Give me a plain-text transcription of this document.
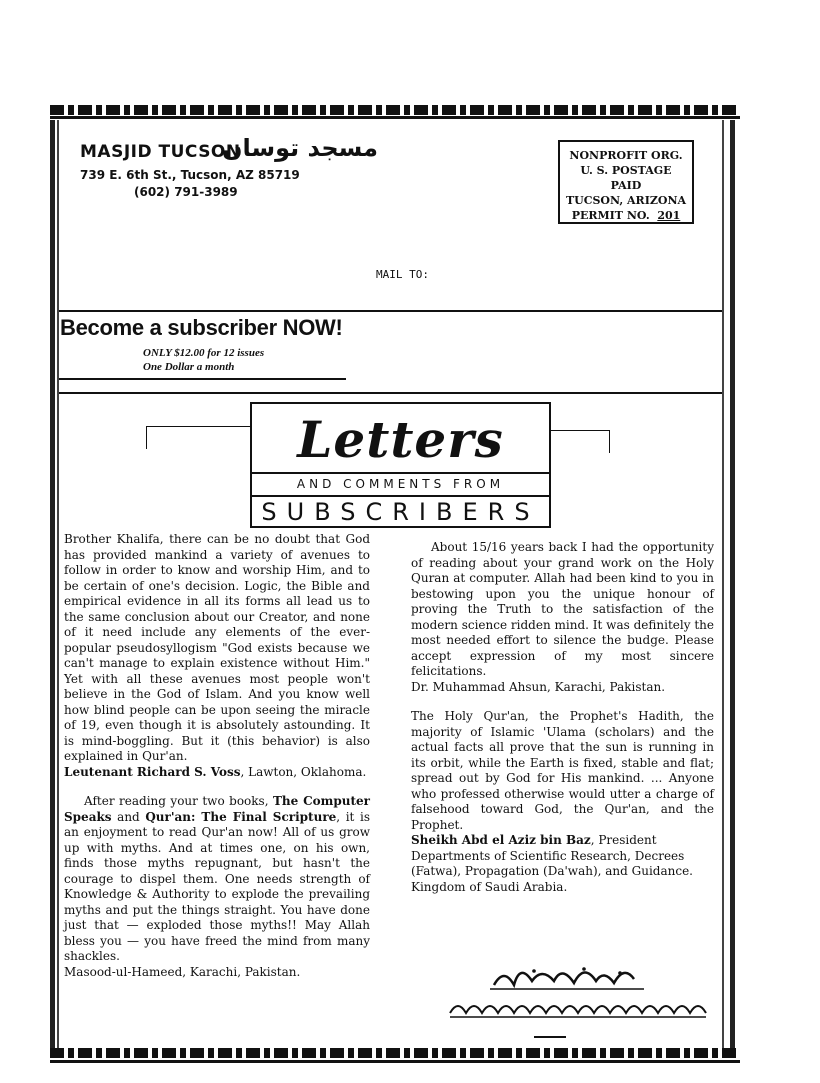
MASJID TUCSON
مسجد توسان
739 E. 6th St., Tucson, AZ 85719
(602) 791-3989
NONPROFIT ORG.
U. S. POSTAGE
PAID
TUCSON, ARIZONA
PERMIT NO. 201
MAIL TO:
Become a subscriber NOW!
ONLY $12.00 for 12 issues
One Dollar a month
Letters
AND COMMENTS FROM
SUBSCRIBERS

Brother Khalifa, there can be no doubt that God has provided mankind a variety of avenues to follow in order to know and worship Him, and to be certain of one's decision. Logic, the Bible and empirical evidence in all its forms all lead us to the same conclusion about our Creator, and none of it need include any elements of the ever-popular pseudosyllogism "God exists because we can't manage to explain existence without Him." Yet with all these avenues most people won't believe in the God of Islam. And you know well how blind people can be upon seeing the miracle of 19, even though it is absolutely astounding. It is mind-boggling. But it (this behavior) is also explained in Qur'an.

Leutenant Richard S. Voss, Lawton, Oklahoma.

After reading your two books, The Computer Speaks and Qur'an: The Final Scripture, it is an enjoyment to read Qur'an now! All of us grow up with myths. And at times one, on his own, finds those myths repugnant, but hasn't the courage to dispel them. One needs strength of Knowledge & Authority to explode the prevailing myths and put the things straight. You have done just that — exploded those myths!! May Allah bless you — you have freed the mind from many shackles.

Masood-ul-Hameed, Karachi, Pakistan.

About 15/16 years back I had the opportunity of reading about your grand work on the Holy Quran at computer. Allah had been kind to you in bestowing upon you the unique honour of proving the Truth to the satisfaction of the modern science ridden mind. It was definitely the most needed effort to silence the budge. Please accept expression of my most sincere felicitations.

Dr. Muhammad Ahsun, Karachi, Pakistan.

The Holy Qur'an, the Prophet's Hadith, the majority of Islamic 'Ulama (scholars) and the actual facts all prove that the sun is running in its orbit, while the Earth is fixed, stable and flat; spread out by God for His mankind. ... Anyone who professed otherwise would utter a charge of falsehood toward God, the Qur'an, and the Prophet.

Sheikh Abd el Aziz bin Baz, President

Departments of Scientific Research, Decrees (Fatwa), Propagation (Da'wah), and Guidance.

Kingdom of Saudi Arabia.
